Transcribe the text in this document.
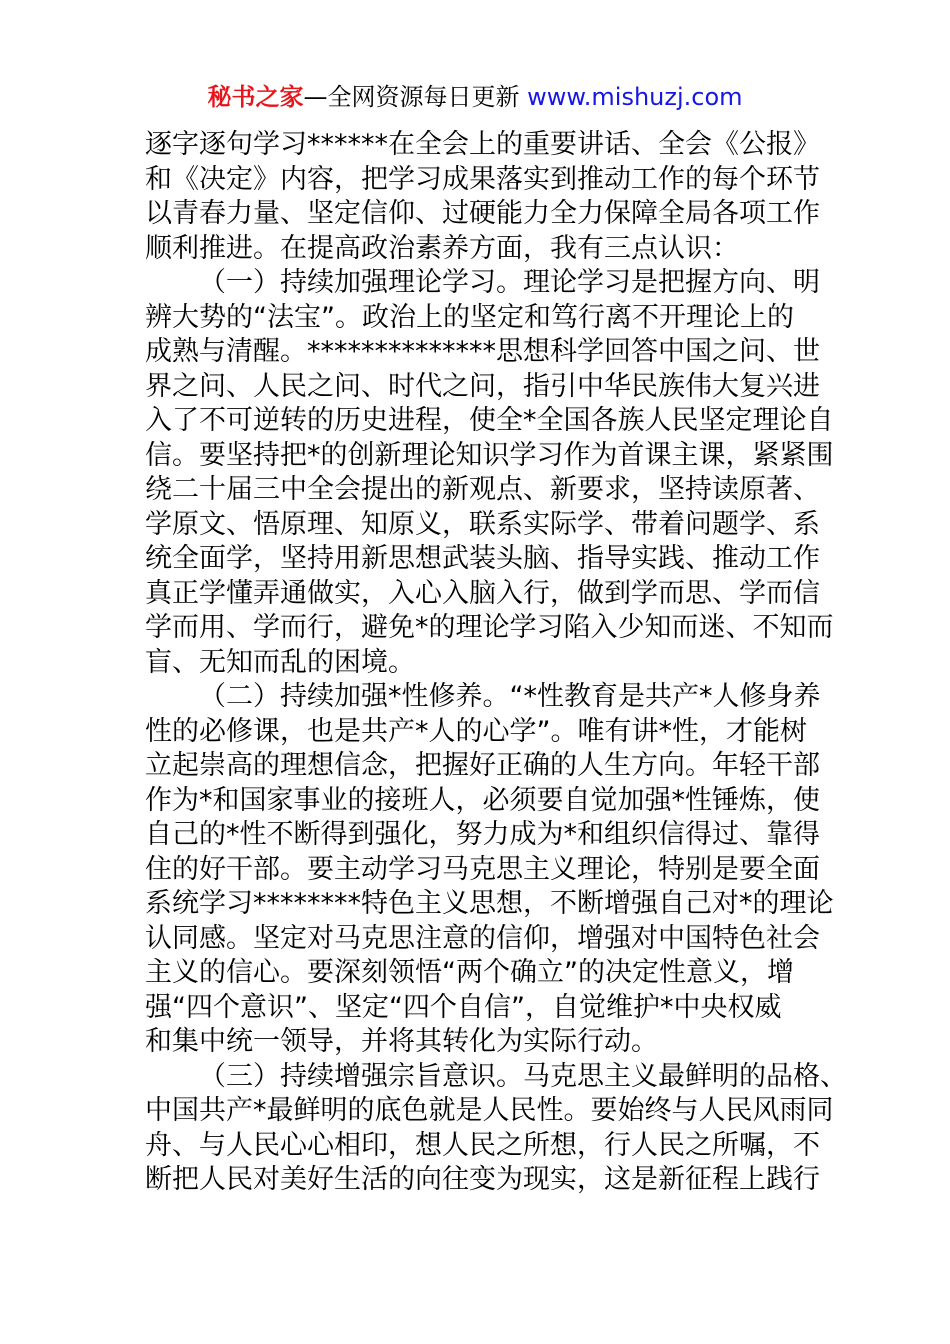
秘书之家—全网资源每日更新 www.mishuzj.com
逐字逐句学习******在全会上的重要讲话、全会《公报》
和《决定》内容，把学习成果落实到推动工作的每个环节
以青春力量、坚定信仰、过硬能力全力保障全局各项工作
顺利推进。在提高政治素养方面，我有三点认识：
（一）持续加强理论学习。理论学习是把握方向、明
辨大势的“法宝”。政治上的坚定和笃行离不开理论上的
成熟与清醒。**************思想科学回答中国之问、世
界之问、人民之问、时代之问，指引中华民族伟大复兴进
入了不可逆转的历史进程，使全*全国各族人民坚定理论自
信。要坚持把*的创新理论知识学习作为首课主课，紧紧围
绕二十届三中全会提出的新观点、新要求，坚持读原著、
学原文、悟原理、知原义，联系实际学、带着问题学、系
统全面学，坚持用新思想武装头脑、指导实践、推动工作
真正学懂弄通做实，入心入脑入行，做到学而思、学而信
学而用、学而行，避免*的理论学习陷入少知而迷、不知而
盲、无知而乱的困境。
（二）持续加强*性修养。“*性教育是共产*人修身养
性的必修课，也是共产*人的心学”。唯有讲*性，才能树
立起崇高的理想信念，把握好正确的人生方向。年轻干部
作为*和国家事业的接班人，必须要自觉加强*性锤炼，使
自己的*性不断得到强化，努力成为*和组织信得过、靠得
住的好干部。要主动学习马克思主义理论，特别是要全面
系统学习********特色主义思想，不断增强自己对*的理论
认同感。坚定对马克思注意的信仰，增强对中国特色社会
主义的信心。要深刻领悟“两个确立”的决定性意义，增
强“四个意识”、坚定“四个自信”，自觉维护*中央权威
和集中统一领导，并将其转化为实际行动。
（三）持续增强宗旨意识。马克思主义最鲜明的品格、
中国共产*最鲜明的底色就是人民性。要始终与人民风雨同
舟、与人民心心相印，想人民之所想，行人民之所嘱，不
断把人民对美好生活的向往变为现实，这是新征程上践行
